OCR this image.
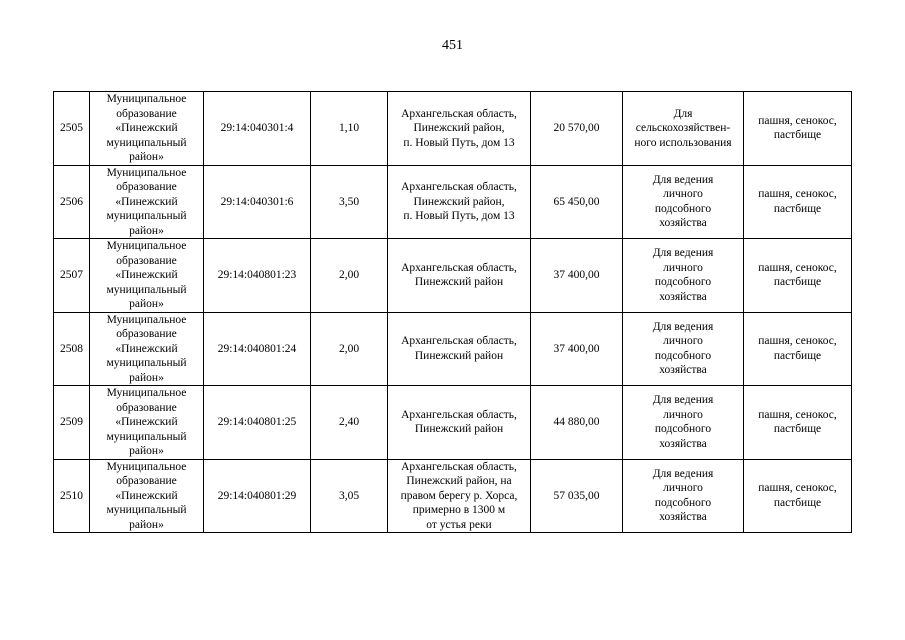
451
2505	Муниципальное
образование
«Пинежский
муниципальный
район»	29:14:040301:4	1,10	Архангельская область,
Пинежский район,
п. Новый Путь, дом 13	20 570,00	Для
сельскохозяйствен-
ного использования	пашня, сенокос,
пастбище
2506	Муниципальное
образование
«Пинежский
муниципальный
район»	29:14:040301:6	3,50	Архангельская область,
Пинежский район,
п. Новый Путь, дом 13	65 450,00	Для ведения
личного
подсобного
хозяйства	пашня, сенокос,
пастбище
2507	Муниципальное
образование
«Пинежский
муниципальный
район»	29:14:040801:23	2,00	Архангельская область,
Пинежский район	37 400,00	Для ведения
личного
подсобного
хозяйства	пашня, сенокос,
пастбище
2508	Муниципальное
образование
«Пинежский
муниципальный
район»	29:14:040801:24	2,00	Архангельская область,
Пинежский район	37 400,00	Для ведения
личного
подсобного
хозяйства	пашня, сенокос,
пастбище
2509	Муниципальное
образование
«Пинежский
муниципальный
район»	29:14:040801:25	2,40	Архангельская область,
Пинежский район	44 880,00	Для ведения
личного
подсобного
хозяйства	пашня, сенокос,
пастбище
2510	Муниципальное
образование
«Пинежский
муниципальный
район»	29:14:040801:29	3,05	Архангельская область,
Пинежский район, на
правом берегу р. Хорса,
примерно в 1300 м
от устья реки	57 035,00	Для ведения
личного
подсобного
хозяйства	пашня, сенокос,
пастбище
